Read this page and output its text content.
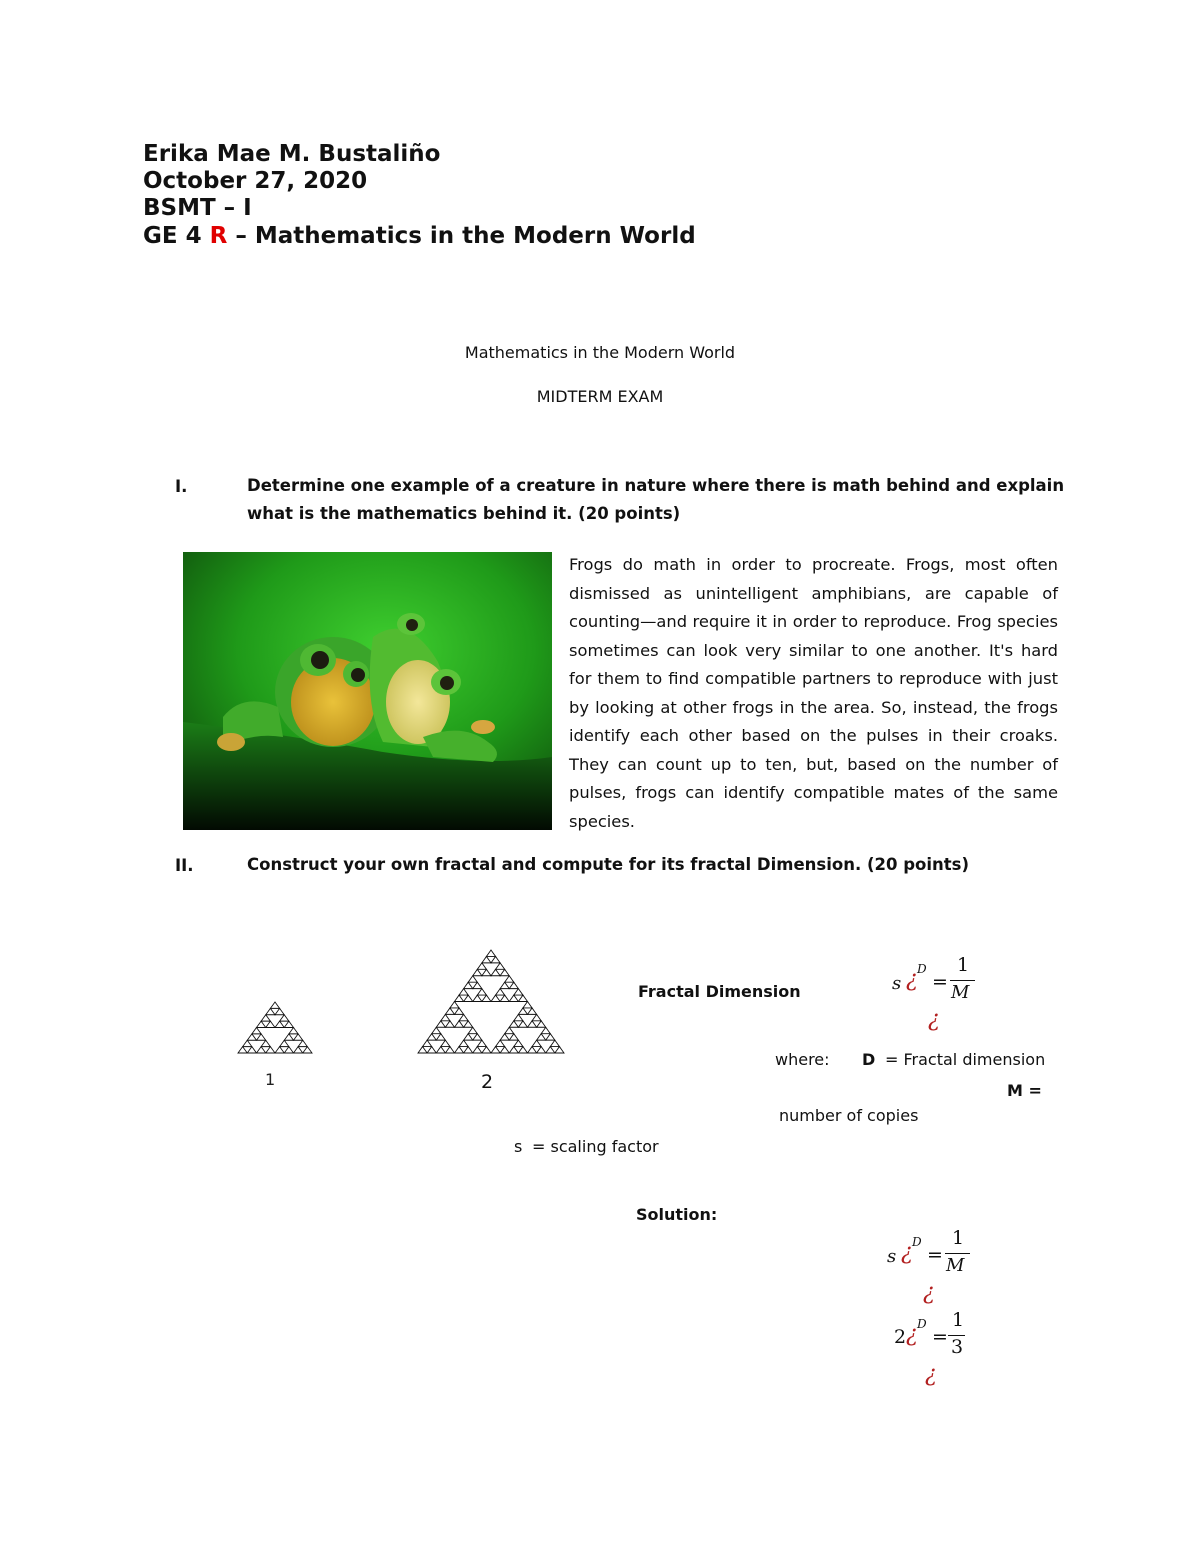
Erika Mae M. Bustaliño
October 27, 2020
BSMT – I
GE 4 R – Mathematics in the Modern World
Mathematics in the Modern World
MIDTERM EXAM
I.	Determine one example of a creature in nature where there is math behind and explain
what is the mathematics behind it. (20 points)
Frogs do math in order to procreate. Frogs, most often dismissed as unintelligent amphibians, are capable of counting—and require it in order to reproduce. Frog species sometimes can look very similar to one another. It's hard for them to find compatible partners to reproduce with just by looking at other frogs in the area. So, instead, the frogs identify each other based on the pulses in their croaks. They can count up to ten, but, based on the number of pulses, frogs can identify compatible mates of the same species.
II.	Construct your own fractal and compute for its fractal Dimension. (20 points)
1	2
Fractal Dimension	s ¿ D
=
1
M
¿
where: D = Fractal dimension
M =
number of copies
s = scaling factor
Solution:
s ¿ D
=
1
M
¿
2 ¿ D
=
1
3
¿
